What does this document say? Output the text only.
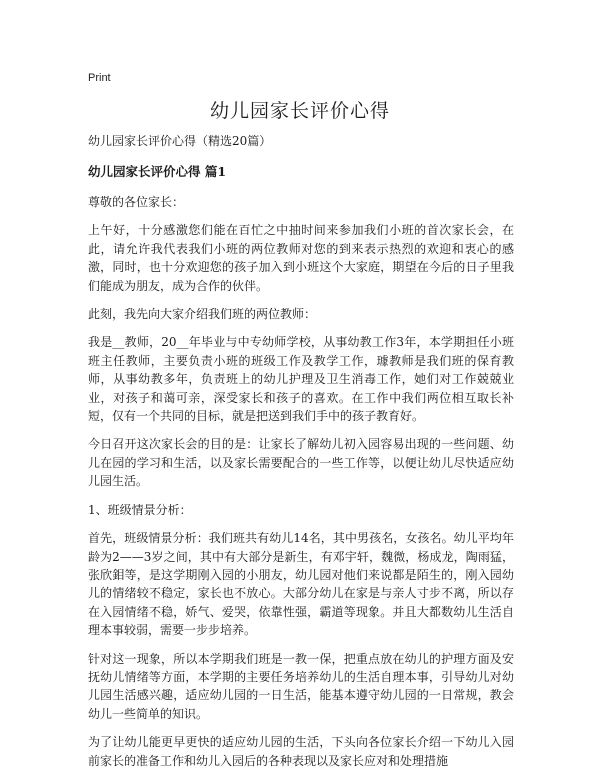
Print
幼儿园家长评价心得

幼儿园家长评价心得（精选20篇）

幼儿园家长评价心得 篇1

尊敬的各位家长：

上午好，十分感激您们能在百忙之中抽时间来参加我们小班的首次家长会，在此，请允许我代表我们小班的两位教师对您的到来表示热烈的欢迎和衷心的感激，同时，也十分欢迎您的孩子加入到小班这个大家庭，期望在今后的日子里我们能成为朋友，成为合作的伙伴。

此刻，我先向大家介绍我们班的两位教师：

我是__教师，20__年毕业与中专幼师学校，从事幼教工作3年，本学期担任小班班主任教师，主要负责小班的班级工作及教学工作，璩教师是我们班的保育教师，从事幼教多年，负责班上的幼儿护理及卫生消毒工作，她们对工作兢兢业业，对孩子和蔼可亲，深受家长和孩子的喜欢。在工作中我们两位相互取长补短，仅有一个共同的目标，就是把送到我们手中的孩子教育好。

今日召开这次家长会的目的是：让家长了解幼儿初入园容易出现的一些问题、幼儿在园的学习和生活，以及家长需要配合的一些工作等，以便让幼儿尽快适应幼儿园生活。

1、班级情景分析：

首先，班级情景分析：我们班共有幼儿14名，其中男孩名，女孩名。幼儿平均年龄为2——3岁之间，其中有大部分是新生，有邓宇轩，魏微，杨成龙，陶雨猛，张欣鉬等，是这学期刚入园的小朋友，幼儿园对他们来说都是陌生的，刚入园幼儿的情绪较不稳定，家长也不放心。大部分幼儿在家是与亲人寸步不离，所以存在入园情绪不稳，娇气、爱哭，依靠性强，霸道等现象。并且大都数幼儿生活自理本事较弱，需要一步步培养。

针对这一现象，所以本学期我们班是一教一保，把重点放在幼儿的护理方面及安抚幼儿情绪等方面，本学期的主要任务培养幼儿的生活自理本事，引导幼儿对幼儿园生活感兴趣，适应幼儿园的一日生活，能基本遵守幼儿园的一日常规，教会幼儿一些简单的知识。

为了让幼儿能更早更快的适应幼儿园的生活，下头向各位家长介绍一下幼儿入园前家长的准备工作和幼儿入园后的各种表现以及家长应对和处理措施
